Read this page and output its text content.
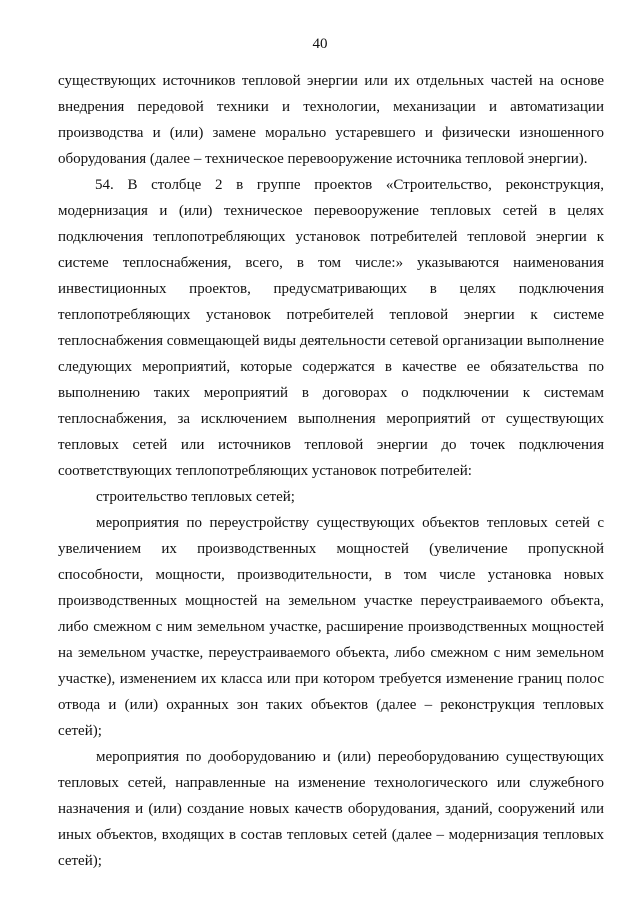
40
существующих источников тепловой энергии или их отдельных частей на основе
внедрения передовой техники и технологии, механизации и автоматизации
производства и (или) замене морально устаревшего и физически изношенного
оборудования (далее – техническое перевооружение источника тепловой энергии).
54. В столбце 2 в группе проектов «Строительство, реконструкция,
модернизация и (или) техническое перевооружение тепловых сетей в целях
подключения теплопотребляющих установок потребителей тепловой энергии к
системе теплоснабжения, всего, в том числе:» указываются наименования
инвестиционных проектов, предусматривающих в целях подключения
теплопотребляющих установок потребителей тепловой энергии к системе
теплоснабжения совмещающей виды деятельности сетевой организации выполнение
следующих мероприятий, которые содержатся в качестве ее обязательства по
выполнению таких мероприятий в договорах о подключении к системам
теплоснабжения, за исключением выполнения мероприятий от существующих
тепловых сетей или источников тепловой энергии до точек подключения
соответствующих теплопотребляющих установок потребителей:
строительство тепловых сетей;
мероприятия по переустройству существующих объектов тепловых сетей с
увеличением их производственных мощностей (увеличение пропускной
способности, мощности, производительности, в том числе установка новых
производственных мощностей на земельном участке переустраиваемого объекта,
либо смежном с ним земельном участке, расширение производственных мощностей
на земельном участке, переустраиваемого объекта, либо смежном с ним земельном
участке), изменением их класса или при котором требуется изменение границ полос
отвода и (или) охранных зон таких объектов (далее – реконструкция тепловых
сетей);
мероприятия по дооборудованию и (или) переоборудованию существующих
тепловых сетей, направленные на изменение технологического или служебного
назначения и (или) создание новых качеств оборудования, зданий, сооружений или
иных объектов, входящих в состав тепловых сетей (далее – модернизация тепловых
сетей);
